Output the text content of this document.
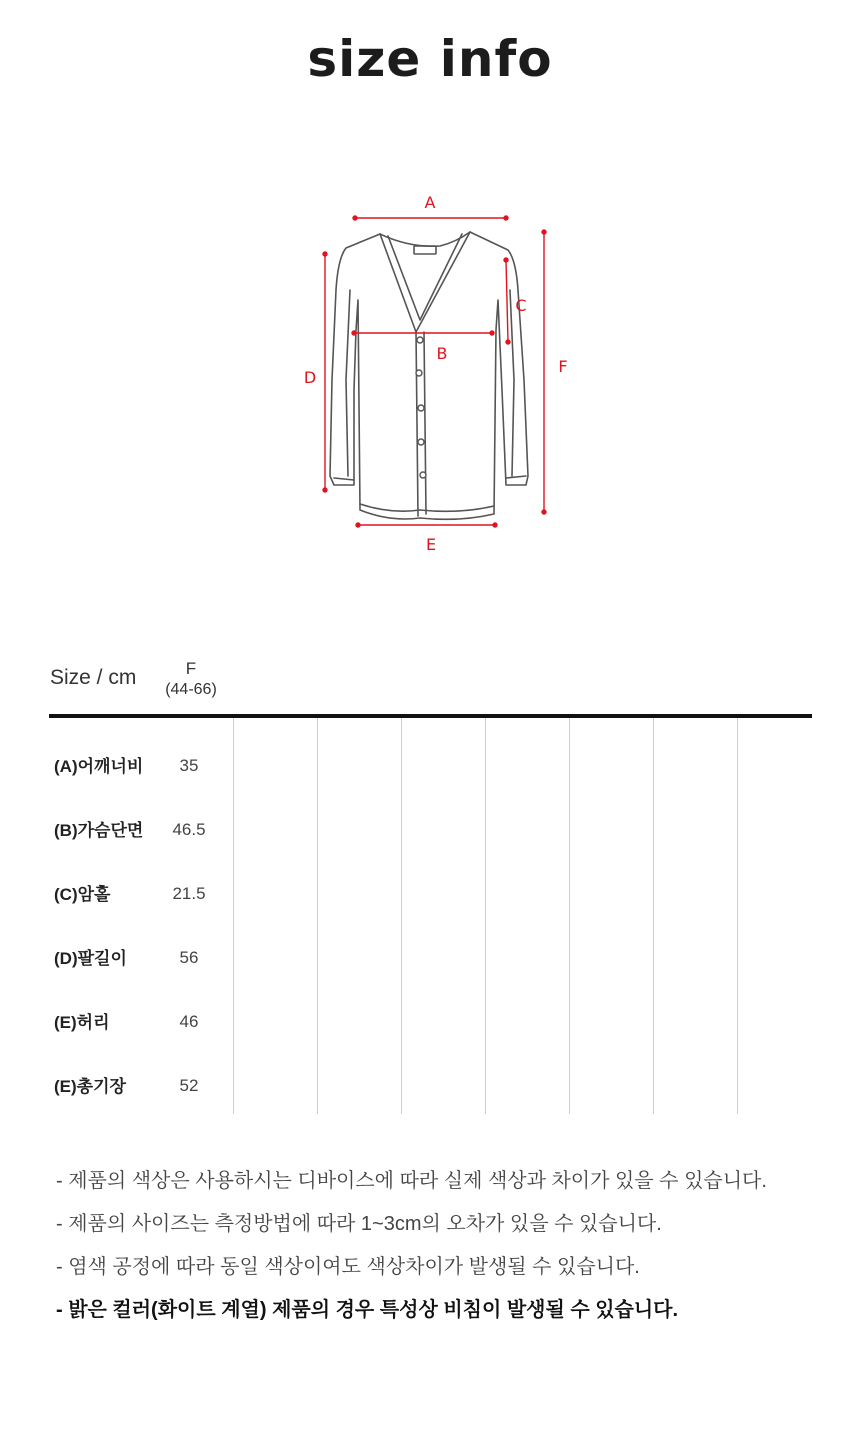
size info
A
B
C
D
E
F
Size / cm	F
(44-66)
(A)어깨너비	35
(B)가슴단면	46.5
(C)암홀	21.5
(D)팔길이	56
(E)허리	46
(E)총기장	52
- 제품의 색상은 사용하시는 디바이스에 따라 실제 색상과 차이가 있을 수 있습니다.
- 제품의 사이즈는 측정방법에 따라 1~3cm의 오차가 있을 수 있습니다.
- 염색 공정에 따라 동일 색상이여도 색상차이가 발생될 수 있습니다.
- 밝은 컬러(화이트 계열) 제품의 경우 특성상 비침이 발생될 수 있습니다.
